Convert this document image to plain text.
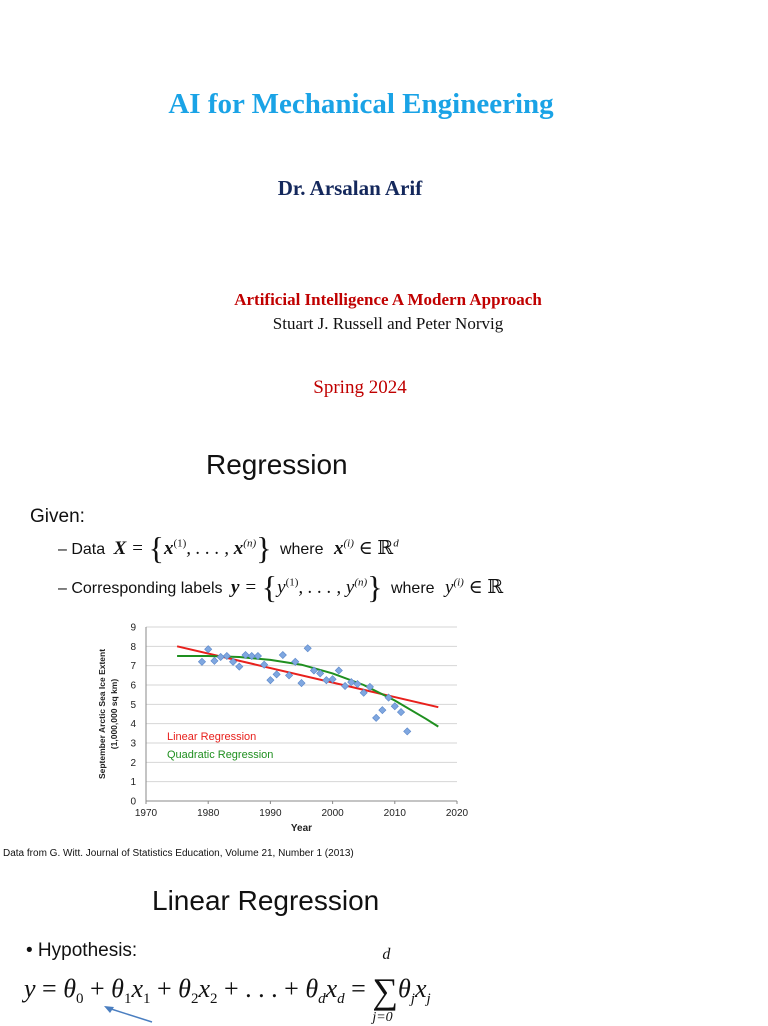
AI for Mechanical Engineering
Dr. Arsalan Arif
Artificial Intelligence A Modern Approach
Stuart J. Russell and Peter Norvig
Spring 2024
Regression
Given:
– Data $X = \{x^{(1)}$, . . . , $x^{(n)}$} where $x^{(i)}$ ∈ ℝ$^d$
– Corresponding labels $y = \{y^{(1)}$, . . . , $y^{(n)}$} where $y^{(i)}$ ∈ ℝ
0
1
2
3
4
5
6
7
8
9
1970	1980	1990	2000	2010	2020
Linear Regression
Quadratic Regression
Year
September Arctic Sea Ice Extent (1,000,000 sq km)
Data from G. Witt. Journal of Statistics Education, Volume 21, Number 1 (2013)
Linear Regression
• Hypothesis:
$y = \theta_0 + \theta_1x_1 + \theta_2x_2$ + . . . + $\theta_dx_d$ =
d
∑
j=0
$\theta_jx_j$
